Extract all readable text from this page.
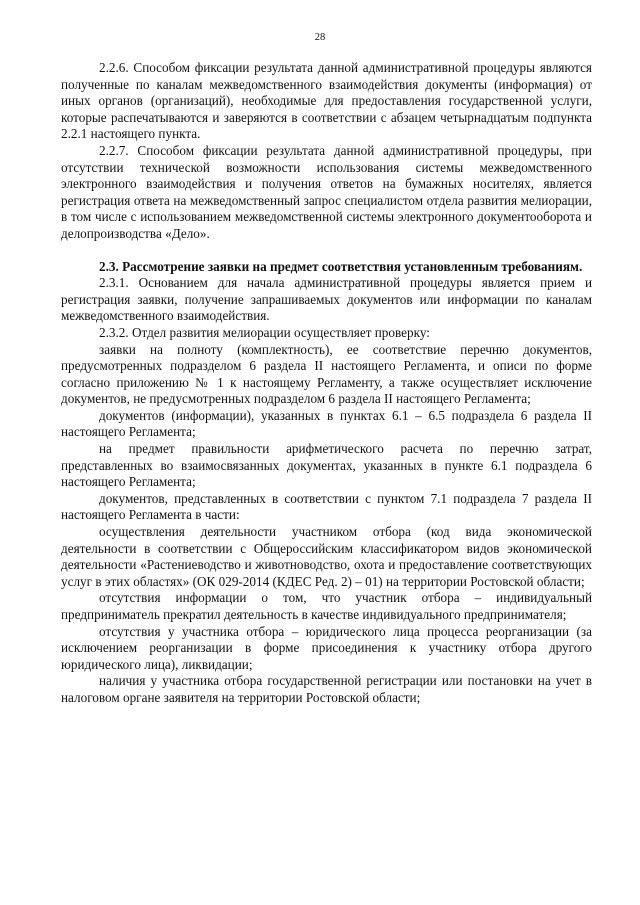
28

2.2.6. Способом фиксации результата данной административной процедуры являются полученные по каналам межведомственного взаимодействия документы (информация) от иных органов (организаций), необходимые для предоставления государственной услуги, которые распечатываются и заверяются в соответствии с абзацем четырнадцатым подпункта 2.2.1 настоящего пункта.

2.2.7. Способом фиксации результата данной административной процедуры, при отсутствии технической возможности использования системы межведомственного электронного взаимодействия и получения ответов на бумажных носителях, является регистрация ответа на межведомственный запрос специалистом отдела развития мелиорации, в том числе с использованием межведомственной системы электронного документооборота и делопроизводства «Дело».

2.3. Рассмотрение заявки на предмет соответствия установленным требованиям.

2.3.1. Основанием для начала административной процедуры является прием и регистрация заявки, получение запрашиваемых документов или информации по каналам межведомственного взаимодействия.

2.3.2. Отдел развития мелиорации осуществляет проверку:

заявки на полноту (комплектность), ее соответствие перечню документов, предусмотренных подразделом 6 раздела II настоящего Регламента, и описи по форме согласно приложению № 1 к настоящему Регламенту, а также осуществляет исключение документов, не предусмотренных подразделом 6 раздела II настоящего Регламента;

документов (информации), указанных в пунктах 6.1 – 6.5 подраздела 6 раздела II настоящего Регламента;

на предмет правильности арифметического расчета по перечню затрат, представленных во взаимосвязанных документах, указанных в пункте 6.1 подраздела 6 настоящего Регламента;

документов, представленных в соответствии с пунктом 7.1 подраздела 7 раздела II настоящего Регламента в части:

осуществления деятельности участником отбора (код вида экономической деятельности в соответствии с Общероссийским классификатором видов экономической деятельности «Растениеводство и животноводство, охота и предоставление соответствующих услуг в этих областях» (ОК 029-2014 (КДЕС Ред. 2) – 01) на территории Ростовской области;

отсутствия информации о том, что участник отбора – индивидуальный предприниматель прекратил деятельность в качестве индивидуального предпринимателя;

отсутствия у участника отбора – юридического лица процесса реорганизации (за исключением реорганизации в форме присоединения к участнику отбора другого юридического лица), ликвидации;

наличия у участника отбора государственной регистрации или постановки на учет в налоговом органе заявителя на территории Ростовской области;
